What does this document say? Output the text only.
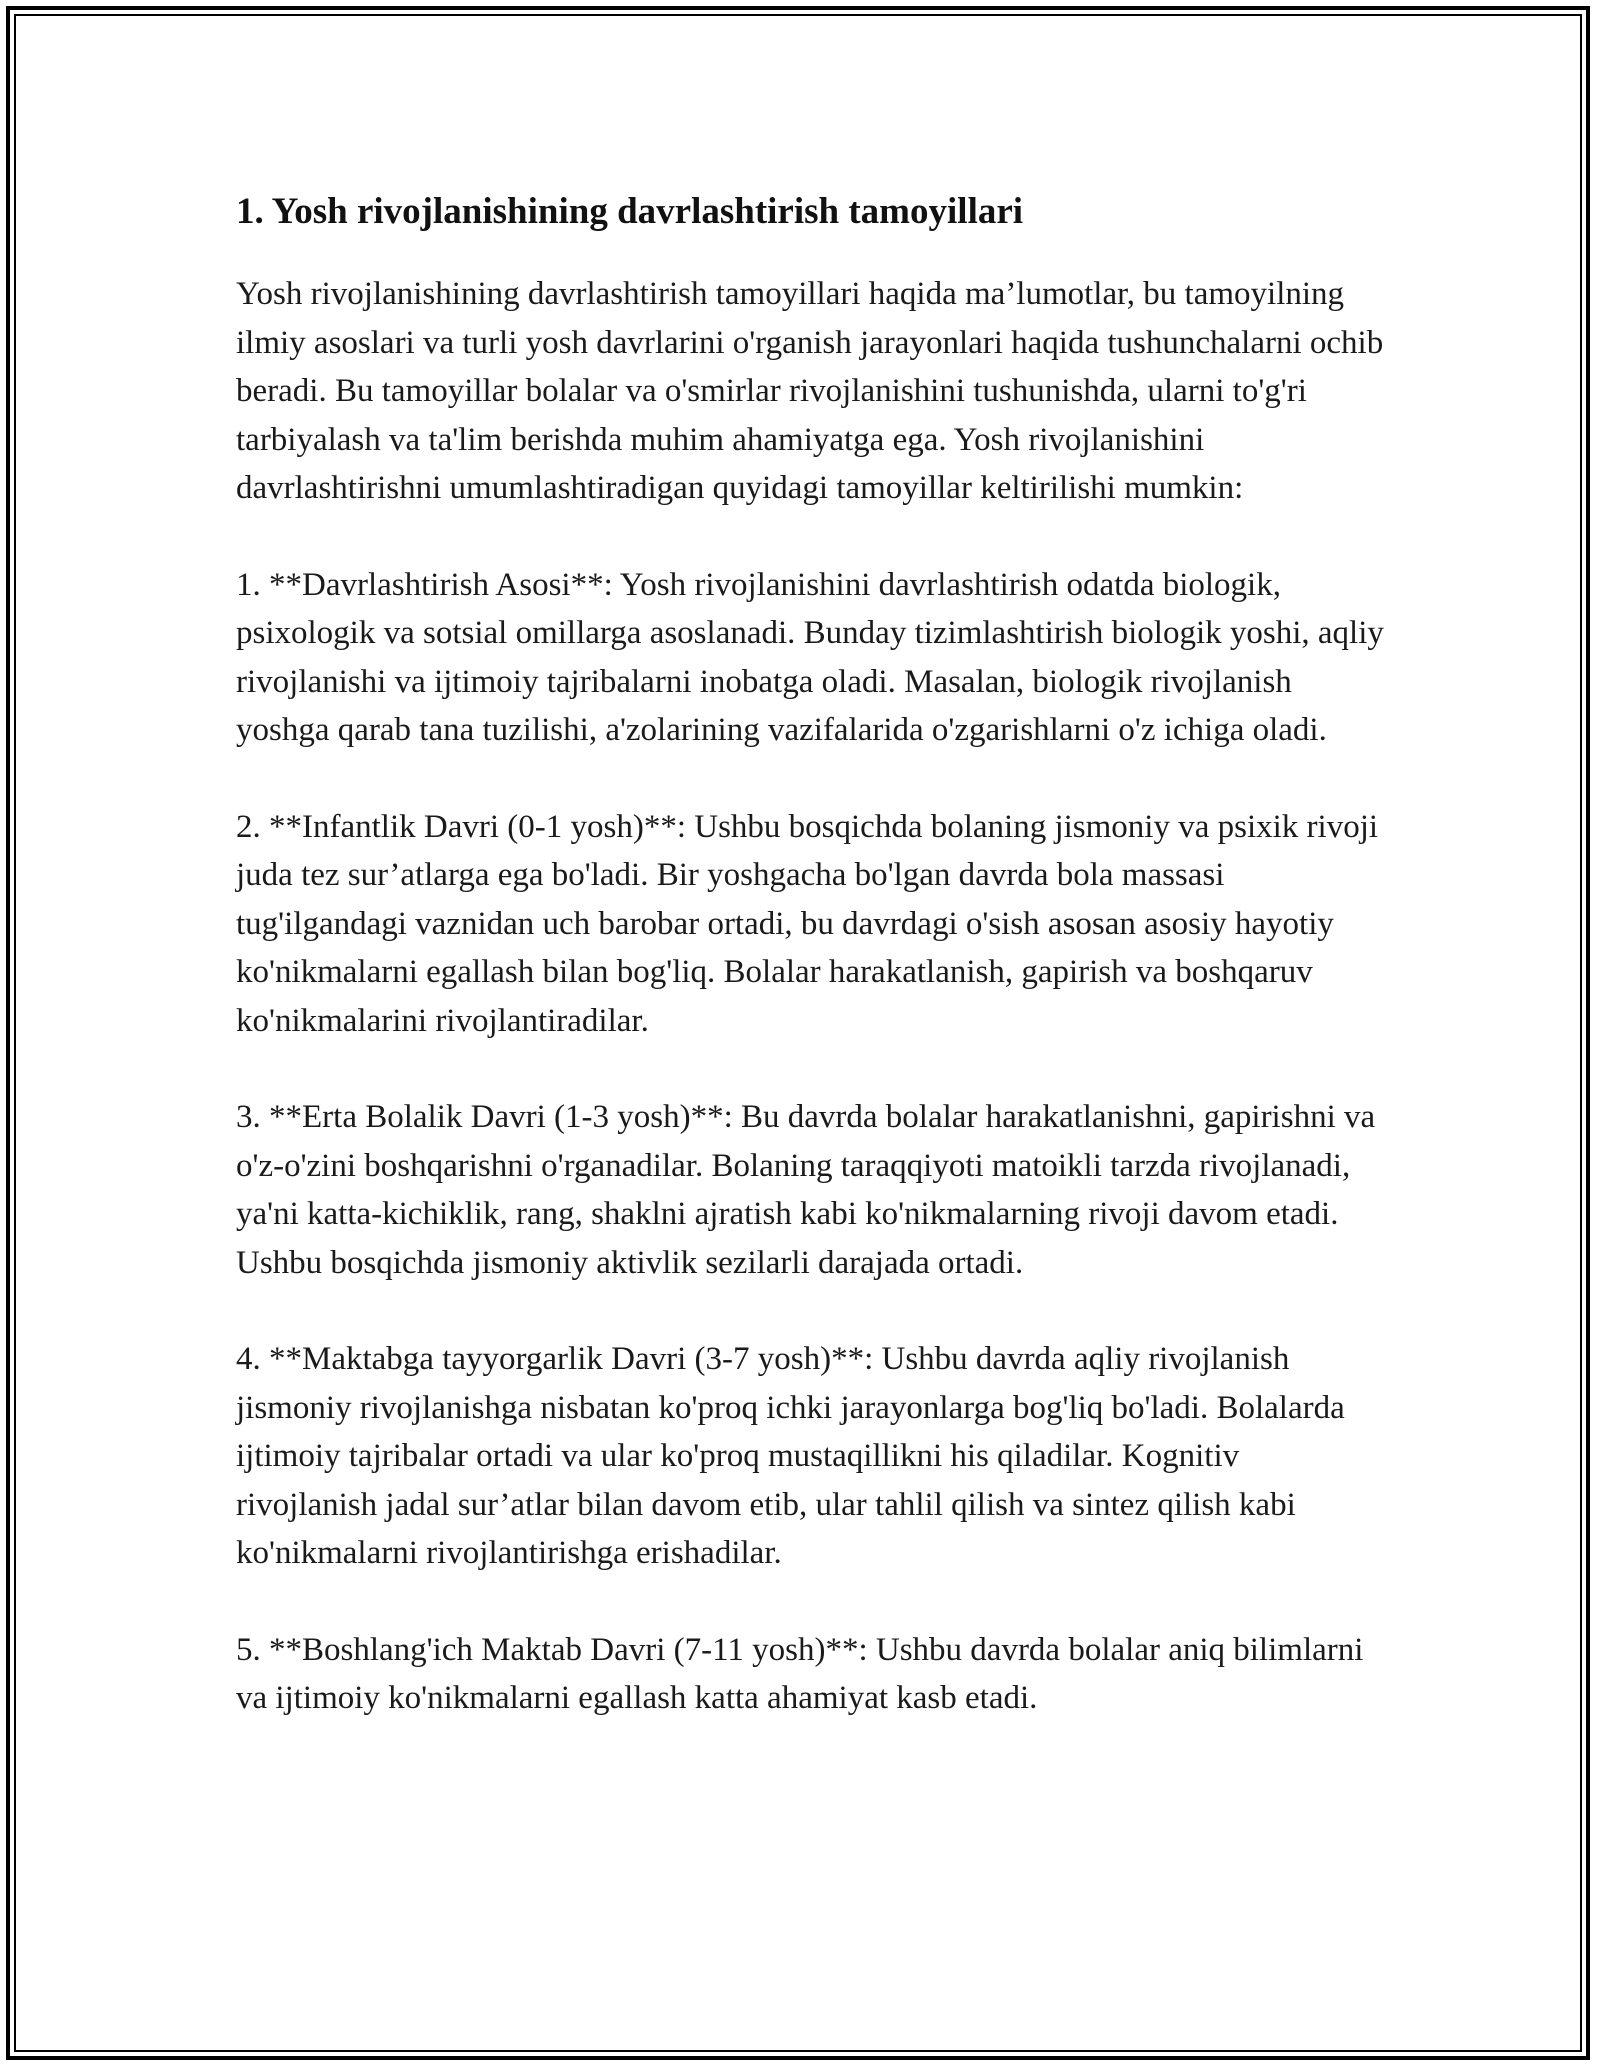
1. Yosh rivojlanishining davrlashtirish tamoyillari

Yosh rivojlanishining davrlashtirish tamoyillari haqida ma’lumotlar, bu tamoyilning ilmiy asoslari va turli yosh davrlarini o'rganish jarayonlari haqida tushunchalarni ochib beradi. Bu tamoyillar bolalar va o'smirlar rivojlanishini tushunishda, ularni to'g'ri tarbiyalash va ta'lim berishda muhim ahamiyatga ega. Yosh rivojlanishini davrlashtirishni umumlashtiradigan quyidagi tamoyillar keltirilishi mumkin:

1. **Davrlashtirish Asosi**: Yosh rivojlanishini davrlashtirish odatda biologik, psixologik va sotsial omillarga asoslanadi. Bunday tizimlashtirish biologik yoshi, aqliy rivojlanishi va ijtimoiy tajribalarni inobatga oladi. Masalan, biologik rivojlanish yoshga qarab tana tuzilishi, a'zolarining vazifalarida o'zgarishlarni o'z ichiga oladi.

2. **Infantlik Davri (0-1 yosh)**: Ushbu bosqichda bolaning jismoniy va psixik rivoji juda tez sur’atlarga ega bo'ladi. Bir yoshgacha bo'lgan davrda bola massasi tug'ilgandagi vaznidan uch barobar ortadi, bu davrdagi o'sish asosan asosiy hayotiy ko'nikmalarni egallash bilan bog'liq. Bolalar harakatlanish, gapirish va boshqaruv ko'nikmalarini rivojlantiradilar.

3. **Erta Bolalik Davri (1-3 yosh)**: Bu davrda bolalar harakatlanishni, gapirishni va o'z-o'zini boshqarishni o'rganadilar. Bolaning taraqqiyoti matoikli tarzda rivojlanadi, ya'ni katta-kichiklik, rang, shaklni ajratish kabi ko'nikmalarning rivoji davom etadi. Ushbu bosqichda jismoniy aktivlik sezilarli darajada ortadi.

4. **Maktabga tayyorgarlik Davri (3-7 yosh)**: Ushbu davrda aqliy rivojlanish jismoniy rivojlanishga nisbatan ko'proq ichki jarayonlarga bog'liq bo'ladi. Bolalarda ijtimoiy tajribalar ortadi va ular ko'proq mustaqillikni his qiladilar. Kognitiv rivojlanish jadal sur’atlar bilan davom etib, ular tahlil qilish va sintez qilish kabi ko'nikmalarni rivojlantirishga erishadilar.

5. **Boshlang'ich Maktab Davri (7-11 yosh)**: Ushbu davrda bolalar aniq bilimlarni va ijtimoiy ko'nikmalarni egallash katta ahamiyat kasb etadi.
